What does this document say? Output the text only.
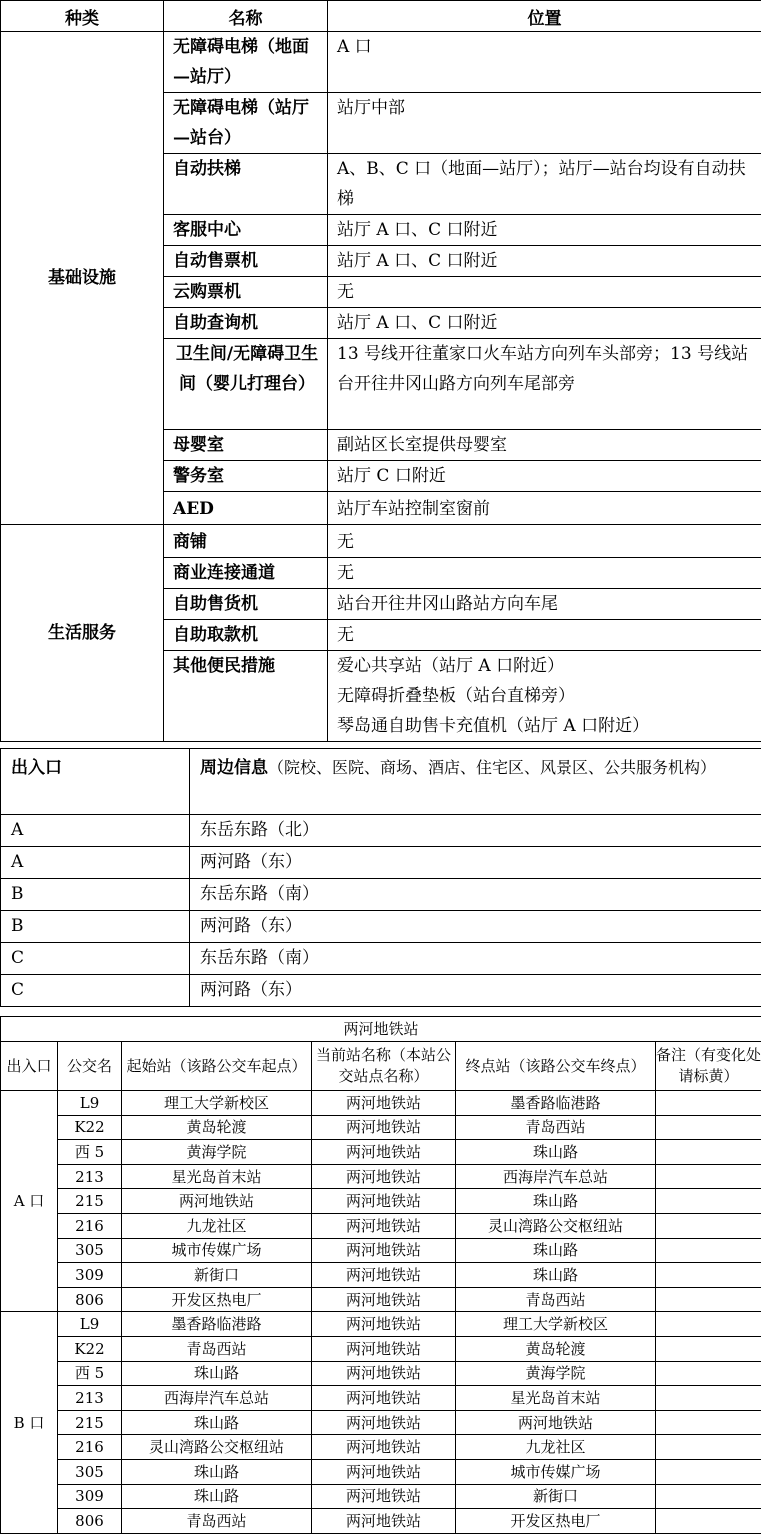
种类	名称	位置
基础设施	无障碍电梯（地面—站厅）	A 口
	无障碍电梯（站厅—站台）	站厅中部
	自动扶梯	A、B、C 口（地面—站厅）；站厅—站台均设有自动扶梯
	客服中心	站厅 A 口、C 口附近
	自动售票机	站厅 A 口、C 口附近
	云购票机	无
	自助查询机	站厅 A 口、C 口附近
	卫生间/无障碍卫生间（婴儿打理台）	13 号线开往董家口火车站方向列车头部旁；13 号线站台开往井冈山路方向列车尾部旁
	母婴室	副站区长室提供母婴室
	警务室	站厅 C 口附近
	AED	站厅车站控制室窗前
生活服务	商铺	无
	商业连接通道	无
	自助售货机	站台开往井冈山路站方向车尾
	自助取款机	无
	其他便民措施	爱心共享站（站厅 A 口附近）
无障碍折叠垫板（站台直梯旁）
琴岛通自助售卡充值机（站厅 A 口附近）
出入口	周边信息（院校、医院、商场、酒店、住宅区、风景区、公共服务机构）
A	东岳东路（北）
A	两河路（东）
B	东岳东路（南）
B	两河路（东）
C	东岳东路（南）
C	两河路（东）
两河地铁站					
出入口	公交名	起始站（该路公交车起点）	当前站名称（本站公交站点名称）	终点站（该路公交车终点）	备注（有变化处请标黄）
A 口	L9	理工大学新校区	两河地铁站	墨香路临港路	
	K22	黄岛轮渡	两河地铁站	青岛西站	
	西 5	黄海学院	两河地铁站	珠山路	
	213	星光岛首末站	两河地铁站	西海岸汽车总站	
	215	两河地铁站	两河地铁站	珠山路	
	216	九龙社区	两河地铁站	灵山湾路公交枢纽站	
	305	城市传媒广场	两河地铁站	珠山路	
	309	新街口	两河地铁站	珠山路	
	806	开发区热电厂	两河地铁站	青岛西站	
B 口	L9	墨香路临港路	两河地铁站	理工大学新校区	
	K22	青岛西站	两河地铁站	黄岛轮渡	
	西 5	珠山路	两河地铁站	黄海学院	
	213	西海岸汽车总站	两河地铁站	星光岛首末站	
	215	珠山路	两河地铁站	两河地铁站	
	216	灵山湾路公交枢纽站	两河地铁站	九龙社区	
	305	珠山路	两河地铁站	城市传媒广场	
	309	珠山路	两河地铁站	新街口	
	806	青岛西站	两河地铁站	开发区热电厂	
